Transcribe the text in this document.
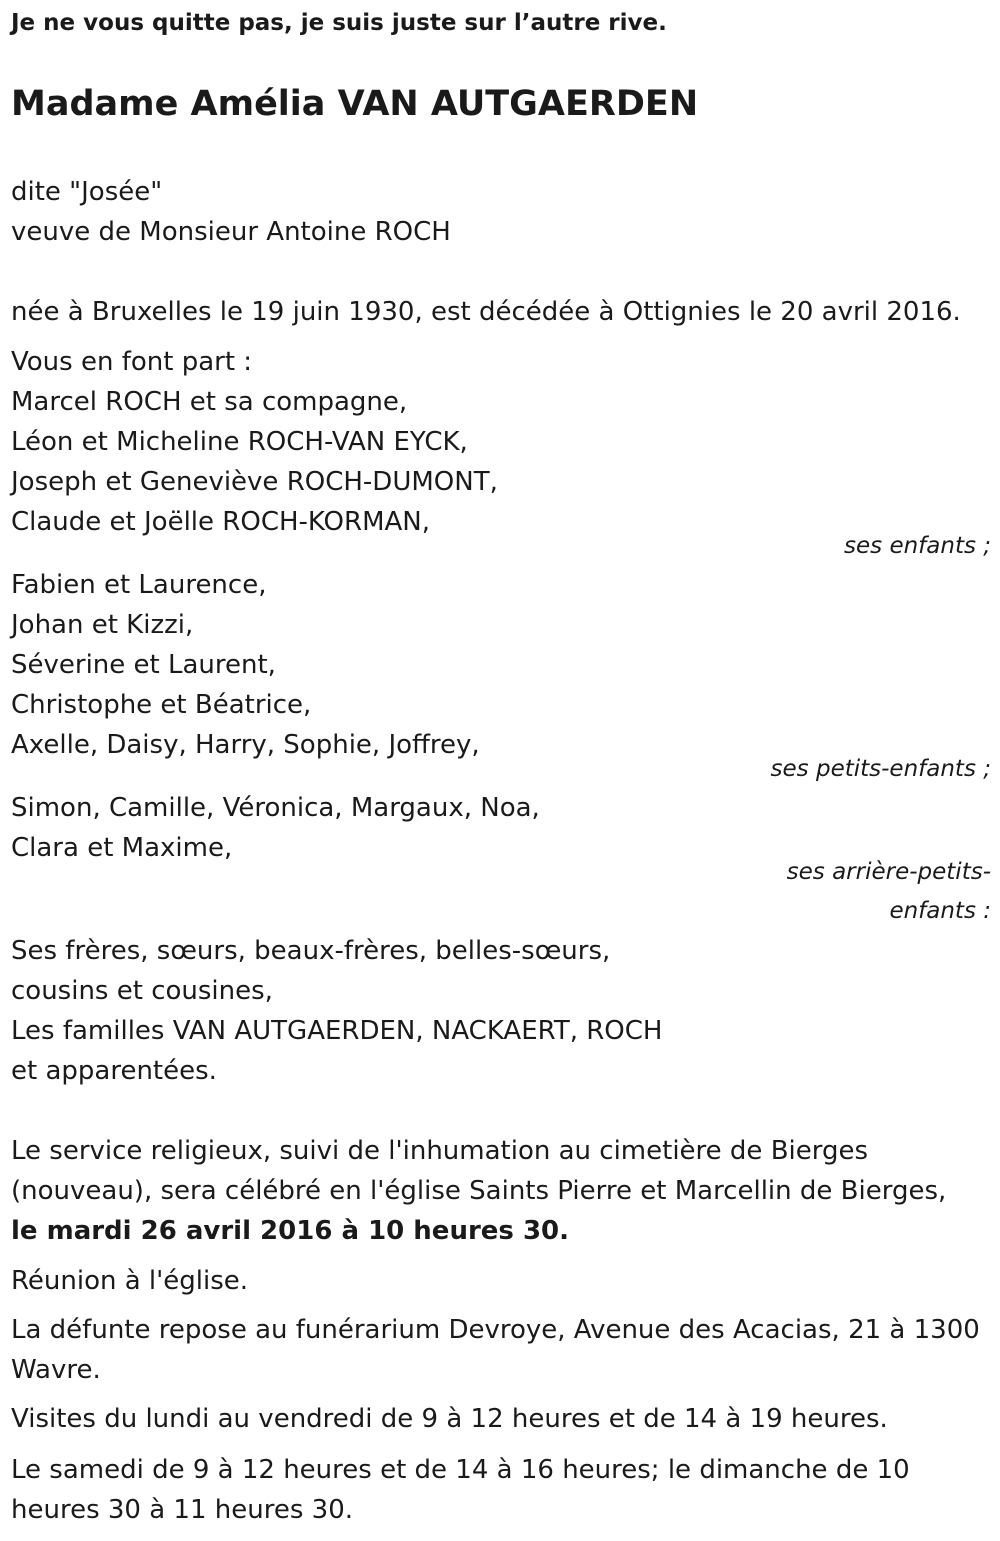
Je ne vous quitte pas, je suis juste sur l’autre rive.
Madame Amélia VAN AUTGAERDEN
dite "Josée"
veuve de Monsieur Antoine ROCH
née à Bruxelles le 19 juin 1930, est décédée à Ottignies le 20 avril 2016.
Vous en font part :
Marcel ROCH et sa compagne,
Léon et Micheline ROCH-VAN EYCK,
Joseph et Geneviève ROCH-DUMONT,
Claude et Joëlle ROCH-KORMAN,
ses enfants ;
Fabien et Laurence,
Johan et Kizzi,
Séverine et Laurent,
Christophe et Béatrice,
Axelle, Daisy, Harry, Sophie, Joffrey,
ses petits-enfants ;
Simon, Camille, Véronica, Margaux, Noa,
Clara et Maxime,
ses arrière-petits-
enfants :
Ses frères, sœurs, beaux-frères, belles-sœurs,
cousins et cousines,
Les familles VAN AUTGAERDEN, NACKAERT, ROCH
et apparentées.
Le service religieux, suivi de l'inhumation au cimetière de Bierges
(nouveau), sera célébré en l'église Saints Pierre et Marcellin de Bierges,
le mardi 26 avril 2016 à 10 heures 30.
Réunion à l'église.
La défunte repose au funérarium Devroye, Avenue des Acacias, 21 à 1300
Wavre.
Visites du lundi au vendredi de 9 à 12 heures et de 14 à 19 heures.
Le samedi de 9 à 12 heures et de 14 à 16 heures; le dimanche de 10
heures 30 à 11 heures 30.
